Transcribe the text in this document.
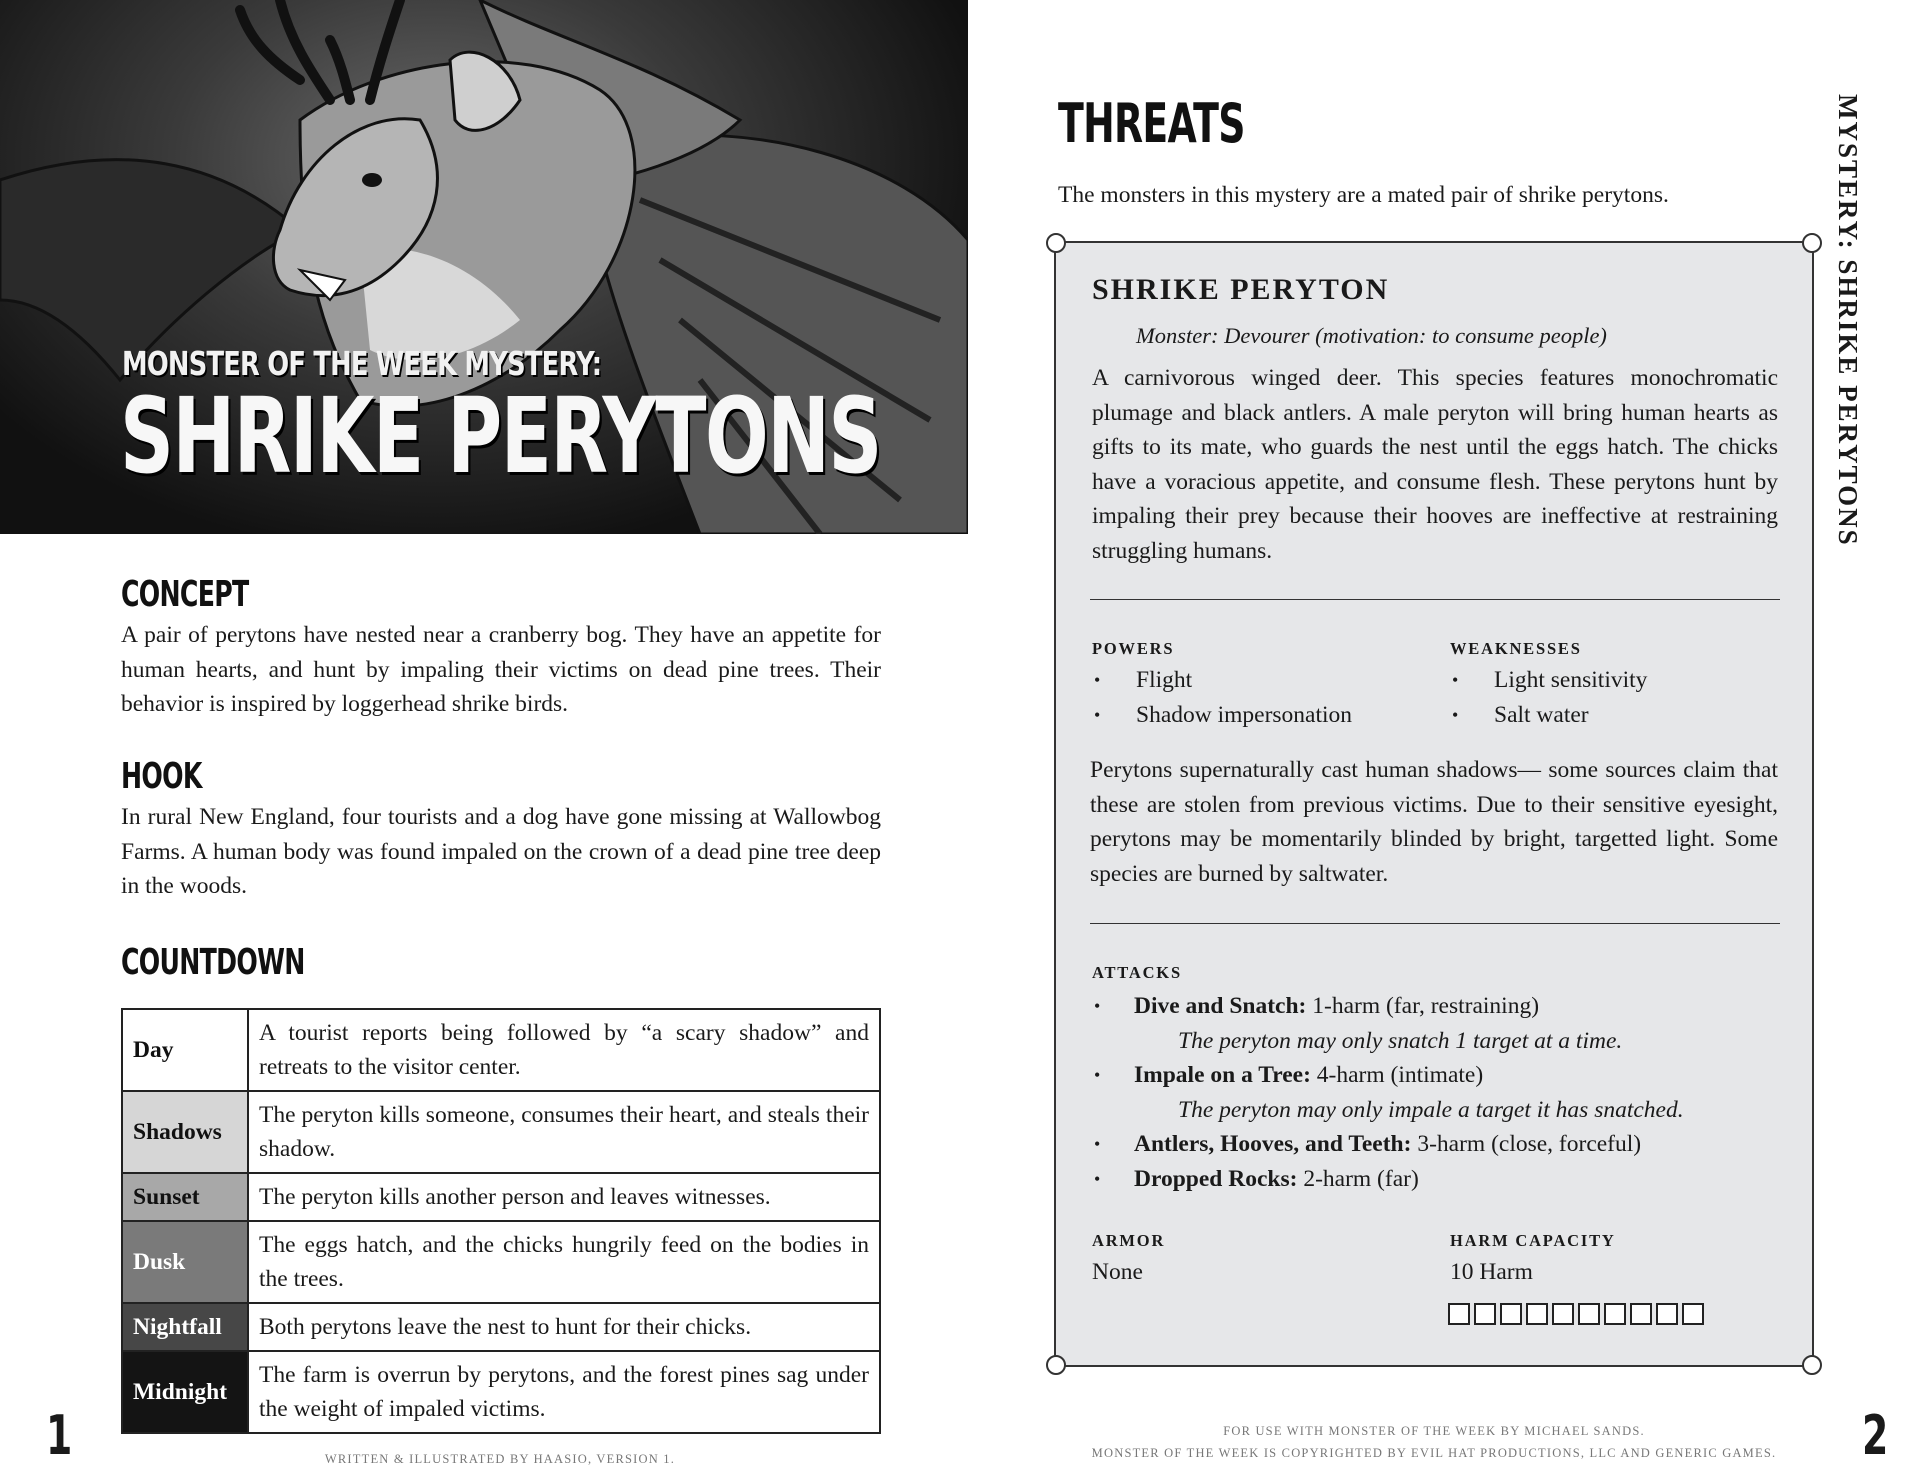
MONSTER OF THE WEEK MYSTERY:
SHRIKE PERYTONS
CONCEPT
A pair of perytons have nested near a cranberry bog. They have an appetite for human hearts, and hunt by impaling their victims on dead pine trees. Their behavior is inspired by loggerhead shrike birds.
HOOK
In rural New England, four tourists and a dog have gone missing at Wallowbog Farms. A human body was found impaled on the crown of a dead pine tree deep in the woods.
COUNTDOWN
Day	A tourist reports being followed by “a scary shadow” and retreats to the visitor center.
Shadows	The peryton kills someone, consumes their heart, and steals their shadow.
Sunset	The peryton kills another person and leaves witnesses.
Dusk	The eggs hatch, and the chicks hungrily feed on the bodies in the trees.
Nightfall	Both perytons leave the nest to hunt for their chicks.
Midnight	The farm is overrun by perytons, and the forest pines sag under the weight of impaled victims.
1	WRITTEN & ILLUSTRATED BY HAASIO, VERSION 1.
THREATS
The monsters in this mystery are a mated pair of shrike perytons.	MYSTERY: SHRIKE PERYTONS
SHRIKE PERYTON
Monster: Devourer (motivation: to consume people)
A carnivorous winged deer. This species features monochromatic plumage and black antlers. A male peryton will bring human hearts as gifts to its mate, who guards the nest until the eggs hatch. The chicks have a voracious appetite, and consume flesh. These perytons hunt by impaling their prey because their hooves are ineffective at restraining struggling humans.
POWERS
• Flight
• Shadow impersonation
WEAKNESSES
• Light sensitivity
• Salt water
Perytons supernaturally cast human shadows— some sources claim that these are stolen from previous victims. Due to their sensitive eyesight, perytons may be momentarily blinded by bright, targetted light. Some species are burned by saltwater.
ATTACKS
• Dive and Snatch: 1-harm (far, restraining)
The peryton may only snatch 1 target at a time.
• Impale on a Tree: 4-harm (intimate)
The peryton may only impale a target it has snatched.
• Antlers, Hooves, and Teeth: 3-harm (close, forceful)
• Dropped Rocks: 2-harm (far)
ARMOR
None
HARM CAPACITY
10 Harm
2
FOR USE WITH MONSTER OF THE WEEK BY MICHAEL SANDS.
MONSTER OF THE WEEK IS COPYRIGHTED BY EVIL HAT PRODUCTIONS, LLC AND GENERIC GAMES.
